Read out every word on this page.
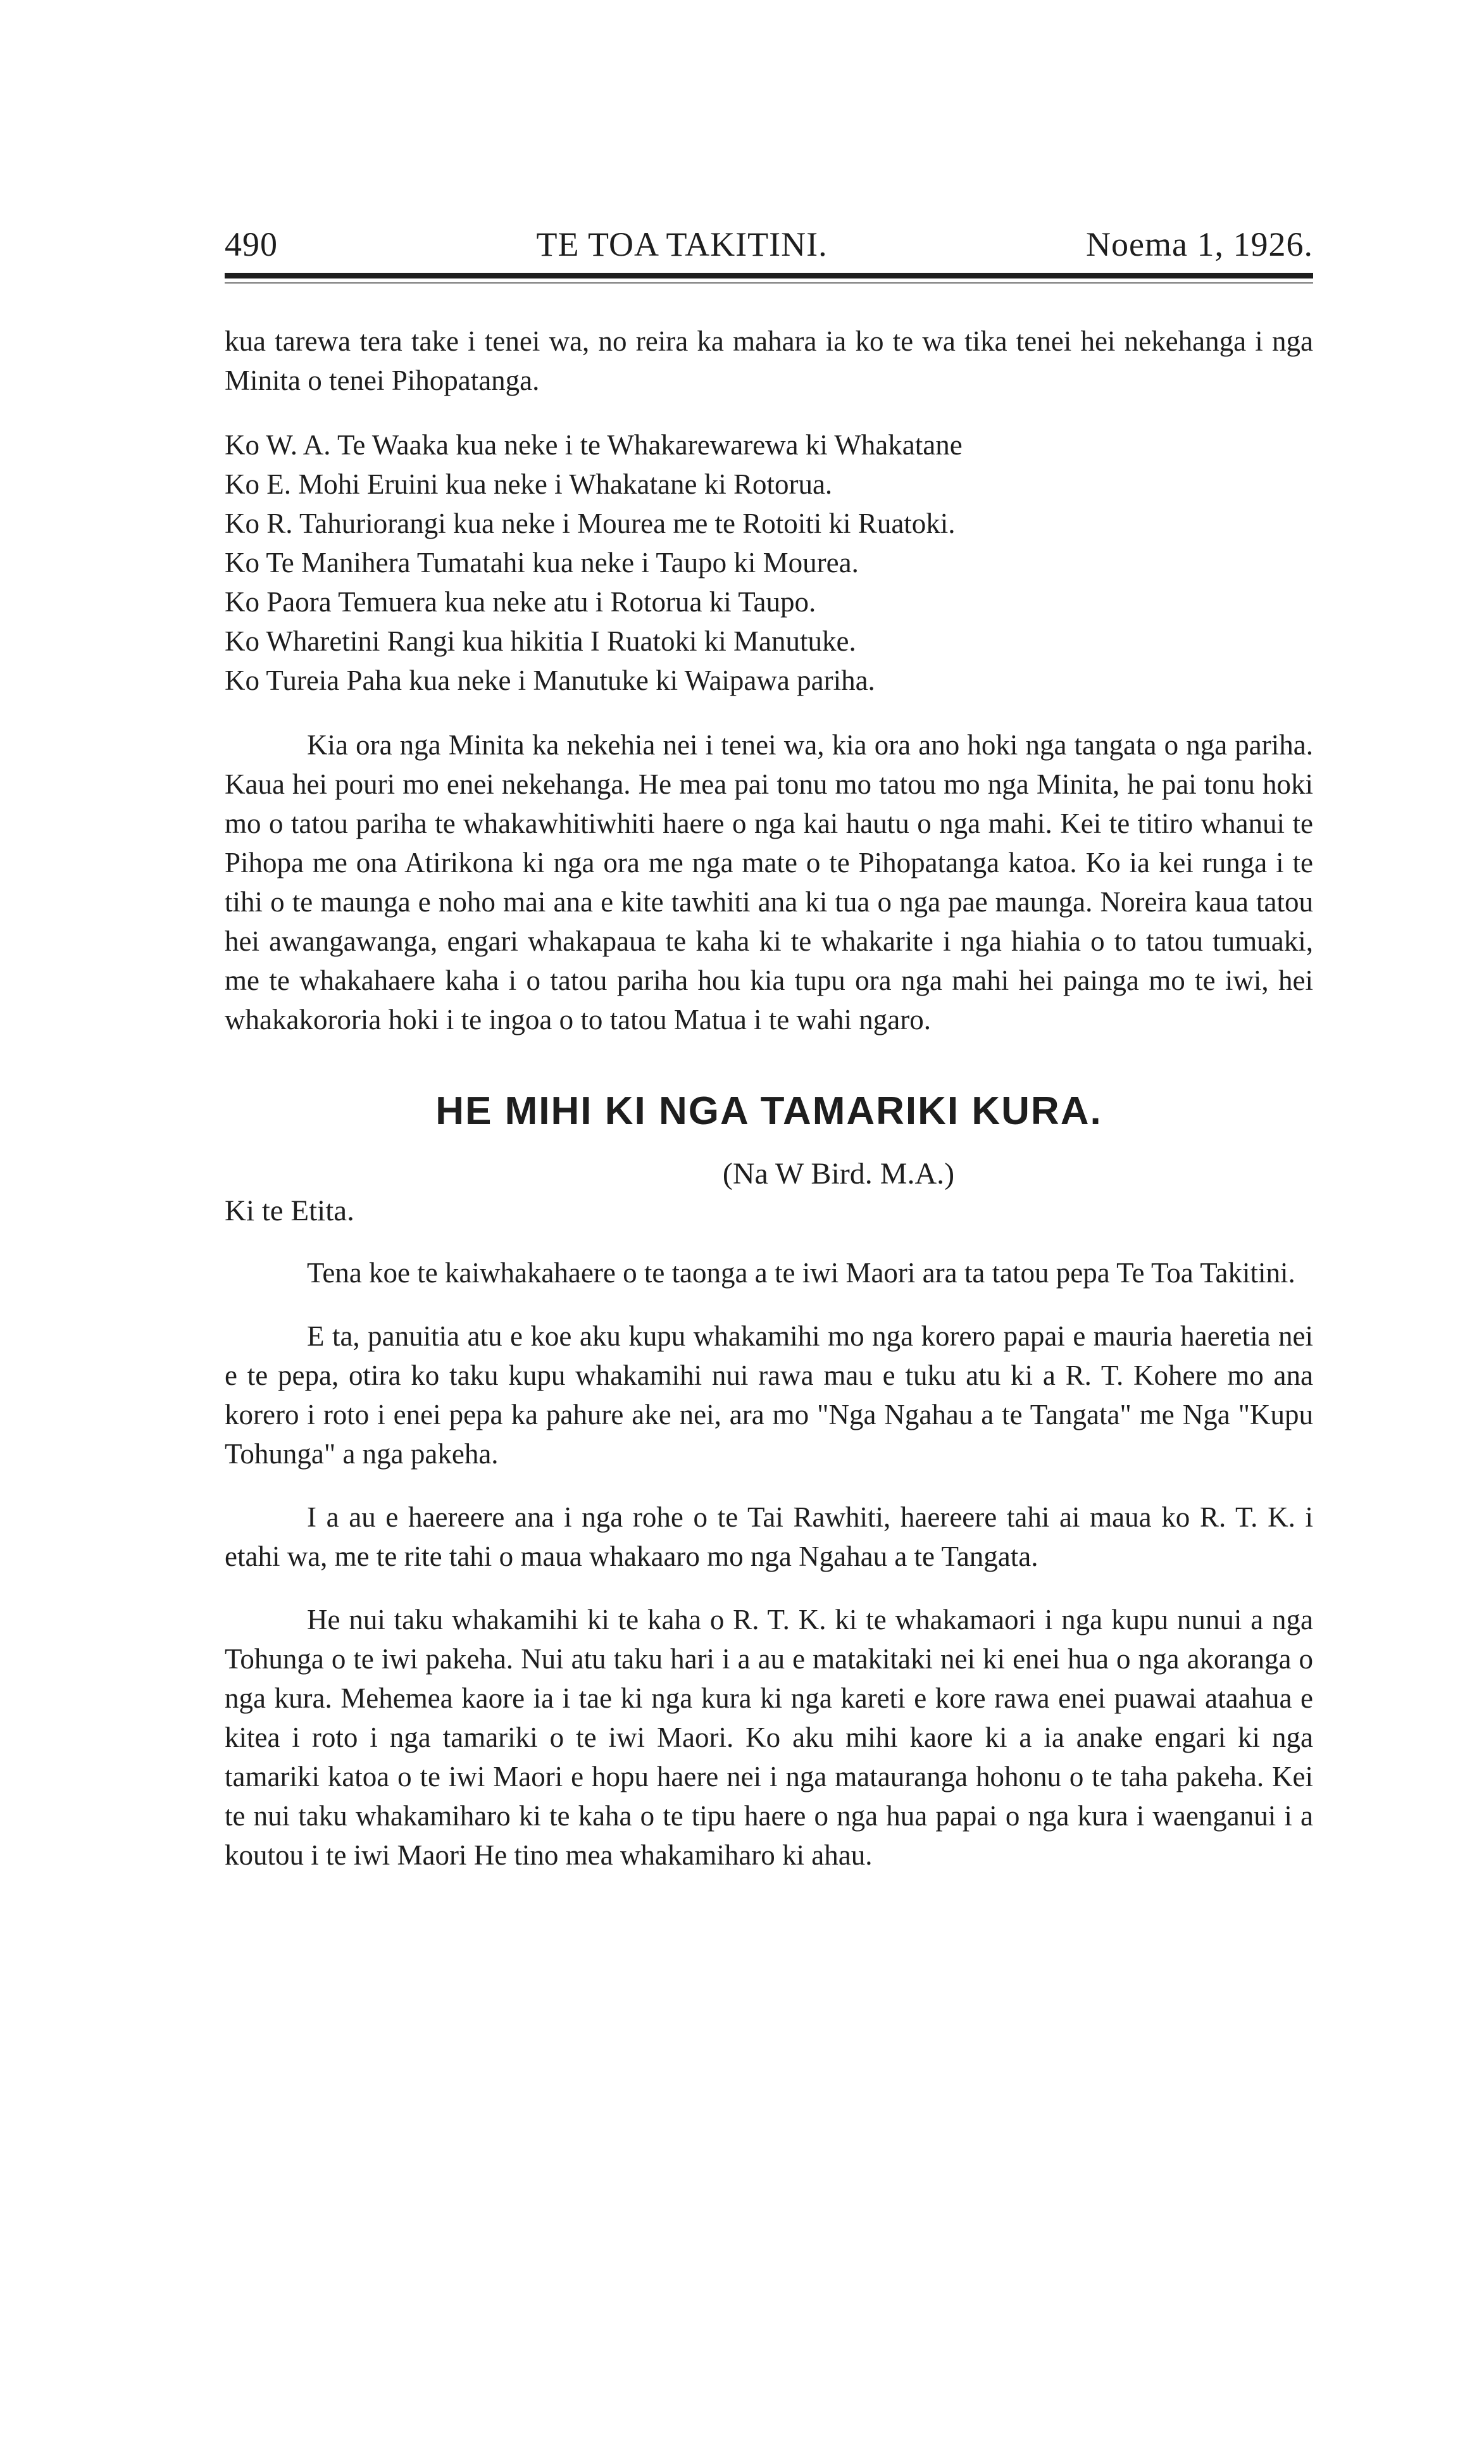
490	TE TOA TAKITINI.	Noema 1, 1926.

kua tarewa tera take i tenei wa, no reira ka mahara ia ko te wa tika tenei hei nekehanga i nga Minita o tenei Pihopatanga.

Ko W. A. Te Waaka kua neke i te Whakarewarewa ki Whakatane

Ko E. Mohi Eruini kua neke i Whakatane ki Rotorua.

Ko R. Tahuriorangi kua neke i Mourea me te Rotoiti ki Ruatoki.

Ko Te Manihera Tumatahi kua neke i Taupo ki Mourea.

Ko Paora Temuera kua neke atu i Rotorua ki Taupo.

Ko Wharetini Rangi kua hikitia I Ruatoki ki Manutuke.

Ko Tureia Paha kua neke i Manutuke ki Waipawa pariha.

Kia ora nga Minita ka nekehia nei i tenei wa, kia ora ano hoki nga tangata o nga pariha. Kaua hei pouri mo enei nekehanga. He mea pai tonu mo tatou mo nga Minita, he pai tonu hoki mo o tatou pariha te whakawhitiwhiti haere o nga kai hautu o nga mahi. Kei te titiro whanui te Pihopa me ona Atirikona ki nga ora me nga mate o te Pihopatanga katoa. Ko ia kei runga i te tihi o te maunga e noho mai ana e kite tawhiti ana ki tua o nga pae maunga. Noreira kaua tatou hei awangawanga, engari whakapaua te kaha ki te whakarite i nga hiahia o to tatou tumuaki, me te whakahaere kaha i o tatou pariha hou kia tupu ora nga mahi hei painga mo te iwi, hei whakakororia hoki i te ingoa o to tatou Matua i te wahi ngaro.

HE MIHI KI NGA TAMARIKI KURA.
(Na W Bird. M.A.)
Ki te Etita.

Tena koe te kaiwhakahaere o te taonga a te iwi Maori ara ta tatou pepa Te Toa Takitini.

E ta, panuitia atu e koe aku kupu whakamihi mo nga korero papai e mauria haeretia nei e te pepa, otira ko taku kupu whakamihi nui rawa mau e tuku atu ki a R. T. Kohere mo ana korero i roto i enei pepa ka pahure ake nei, ara mo "Nga Ngahau a te Tangata" me Nga "Kupu Tohunga" a nga pakeha.

I a au e haereere ana i nga rohe o te Tai Rawhiti, haereere tahi ai maua ko R. T. K. i etahi wa, me te rite tahi o maua whakaaro mo nga Ngahau a te Tangata.

He nui taku whakamihi ki te kaha o R. T. K. ki te whakamaori i nga kupu nunui a nga Tohunga o te iwi pakeha. Nui atu taku hari i a au e matakitaki nei ki enei hua o nga akoranga o nga kura. Mehemea kaore ia i tae ki nga kura ki nga kareti e kore rawa enei puawai ataahua e kitea i roto i nga tamariki o te iwi Maori. Ko aku mihi kaore ki a ia anake engari ki nga tamariki katoa o te iwi Maori e hopu haere nei i nga matauranga hohonu o te taha pakeha. Kei te nui taku whakamiharo ki te kaha o te tipu haere o nga hua papai o nga kura i waenganui i a koutou i te iwi Maori He tino mea whakamiharo ki ahau.
